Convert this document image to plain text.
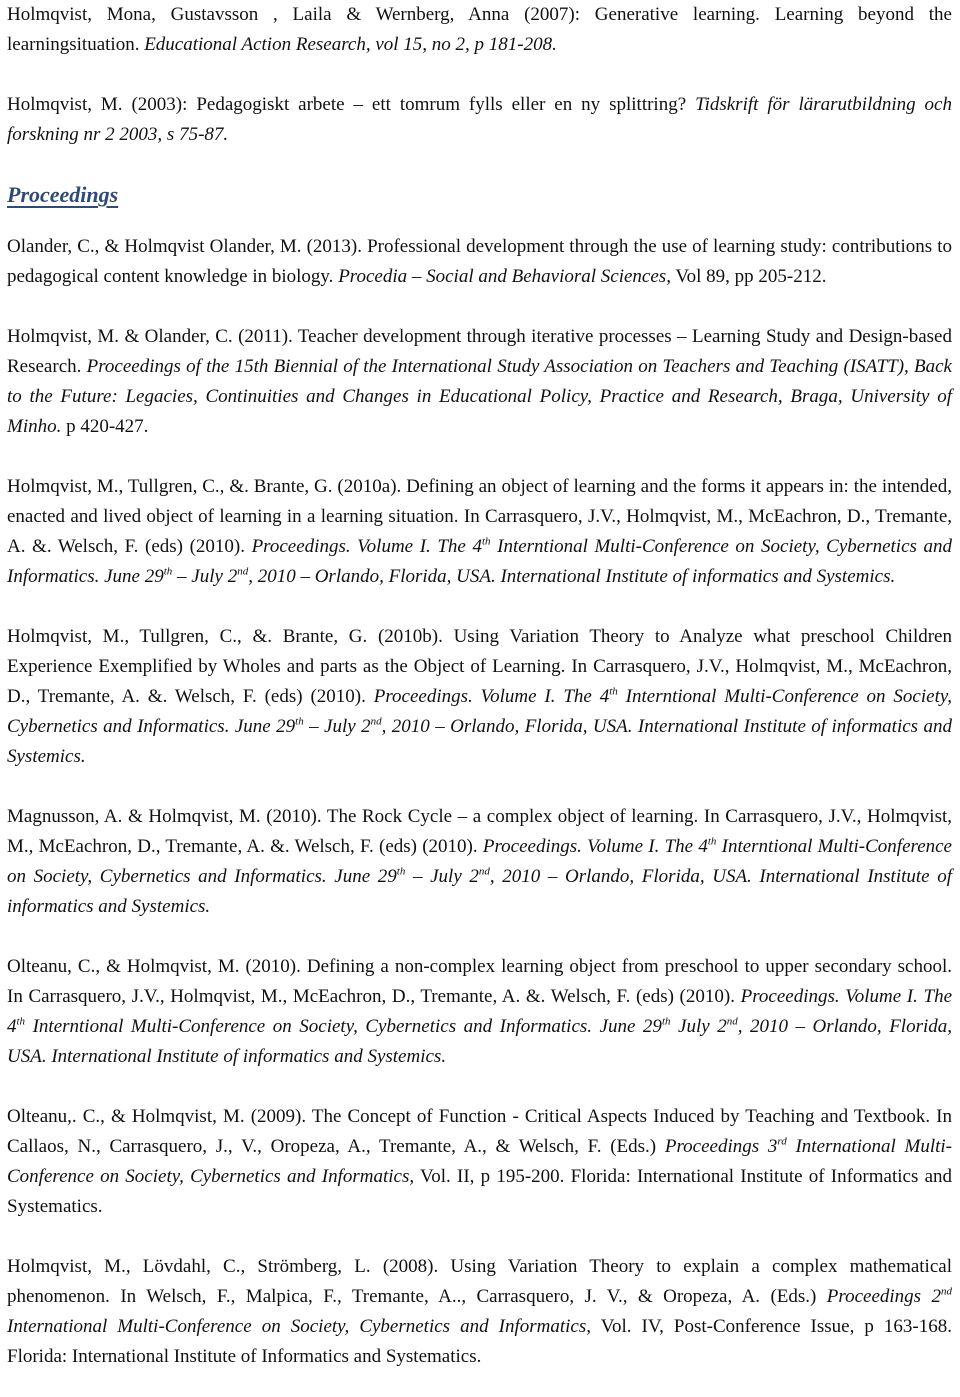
Holmqvist, Mona, Gustavsson , Laila & Wernberg, Anna (2007): Generative learning. Learning beyond the learningsituation. Educational Action Research, vol 15, no 2, p 181-208.

Holmqvist, M. (2003): Pedagogiskt arbete – ett tomrum fylls eller en ny splittring? Tidskrift för lärarutbildning och forskning nr 2 2003, s 75-87.

Proceedings

Olander, C., & Holmqvist Olander, M. (2013). Professional development through the use of learning study: contributions to pedagogical content knowledge in biology. Procedia – Social and Behavioral Sciences, Vol 89, pp 205-212.

Holmqvist, M. & Olander, C. (2011). Teacher development through iterative processes – Learning Study and Design-based Research. Proceedings of the 15th Biennial of the International Study Association on Teachers and Teaching (ISATT), Back to the Future: Legacies, Continuities and Changes in Educational Policy, Practice and Research, Braga, University of Minho. p 420-427.

Holmqvist, M., Tullgren, C., &. Brante, G. (2010a). Defining an object of learning and the forms it appears in: the intended, enacted and lived object of learning in a learning situation. In Carrasquero, J.V., Holmqvist, M., McEachron, D., Tremante, A. &. Welsch, F. (eds) (2010). Proceedings. Volume I. The 4th Interntional Multi-Conference on Society, Cybernetics and Informatics. June 29th – July 2nd, 2010 – Orlando, Florida, USA. International Institute of informatics and Systemics.

Holmqvist, M., Tullgren, C., &. Brante, G. (2010b). Using Variation Theory to Analyze what preschool Children Experience Exemplified by Wholes and parts as the Object of Learning. In Carrasquero, J.V., Holmqvist, M., McEachron, D., Tremante, A. &. Welsch, F. (eds) (2010). Proceedings. Volume I. The 4th Interntional Multi-Conference on Society, Cybernetics and Informatics. June 29th – July 2nd, 2010 – Orlando, Florida, USA. International Institute of informatics and Systemics.

Magnusson, A. & Holmqvist, M. (2010). The Rock Cycle – a complex object of learning. In Carrasquero, J.V., Holmqvist, M., McEachron, D., Tremante, A. &. Welsch, F. (eds) (2010). Proceedings. Volume I. The 4th Interntional Multi-Conference on Society, Cybernetics and Informatics. June 29th – July 2nd, 2010 – Orlando, Florida, USA. International Institute of informatics and Systemics.

Olteanu, C., & Holmqvist, M. (2010). Defining a non-complex learning object from preschool to upper secondary school. In Carrasquero, J.V., Holmqvist, M., McEachron, D., Tremante, A. &. Welsch, F. (eds) (2010). Proceedings. Volume I. The 4th Interntional Multi-Conference on Society, Cybernetics and Informatics. June 29th July 2nd, 2010 – Orlando, Florida, USA. International Institute of informatics and Systemics.

Olteanu,. C., & Holmqvist, M. (2009). The Concept of Function - Critical Aspects Induced by Teaching and Textbook. In Callaos, N., Carrasquero, J., V., Oropeza, A., Tremante, A., & Welsch, F. (Eds.) Proceedings 3rd International Multi-Conference on Society, Cybernetics and Informatics, Vol. II, p 195-200. Florida: International Institute of Informatics and Systematics.

Holmqvist, M., Lövdahl, C., Strömberg, L. (2008). Using Variation Theory to explain a complex mathematical phenomenon. In Welsch, F., Malpica, F., Tremante, A.., Carrasquero, J. V., & Oropeza, A. (Eds.) Proceedings 2nd International Multi-Conference on Society, Cybernetics and Informatics, Vol. IV, Post-Conference Issue, p 163-168. Florida: International Institute of Informatics and Systematics.
